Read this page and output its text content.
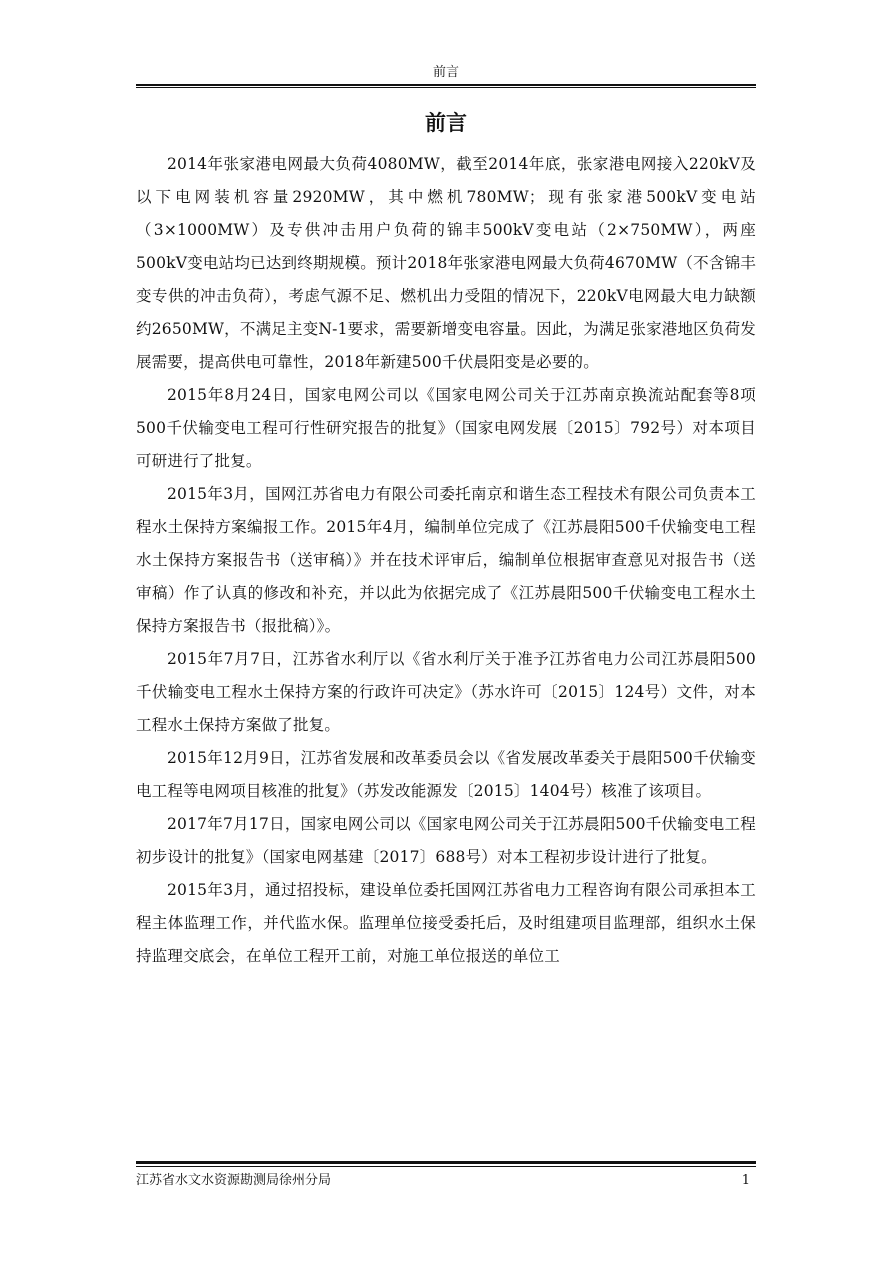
前言
前言

2014年张家港电网最大负荷4080MW，截至2014年底，张家港电网接入220kV及以下电网装机容量2920MW，其中燃机780MW；现有张家港500kV变电站（3×1000MW）及专供冲击用户负荷的锦丰500kV变电站（2×750MW），两座500kV变电站均已达到终期规模。预计2018年张家港电网最大负荷4670MW（不含锦丰变专供的冲击负荷），考虑气源不足、燃机出力受阻的情况下，220kV电网最大电力缺额约2650MW，不满足主变N-1要求，需要新增变电容量。因此，为满足张家港地区负荷发展需要，提高供电可靠性，2018年新建500千伏晨阳变是必要的。

2015年8月24日，国家电网公司以《国家电网公司关于江苏南京换流站配套等8项500千伏输变电工程可行性研究报告的批复》（国家电网发展〔2015〕792号）对本项目可研进行了批复。

2015年3月，国网江苏省电力有限公司委托南京和谐生态工程技术有限公司负责本工程水土保持方案编报工作。2015年4月，编制单位完成了《江苏晨阳500千伏输变电工程水土保持方案报告书（送审稿）》并在技术评审后，编制单位根据审查意见对报告书（送审稿）作了认真的修改和补充，并以此为依据完成了《江苏晨阳500千伏输变电工程水土保持方案报告书（报批稿）》。

2015年7月7日，江苏省水利厅以《省水利厅关于准予江苏省电力公司江苏晨阳500千伏输变电工程水土保持方案的行政许可决定》（苏水许可〔2015〕124号）文件，对本工程水土保持方案做了批复。

2015年12月9日，江苏省发展和改革委员会以《省发展改革委关于晨阳500千伏输变电工程等电网项目核准的批复》（苏发改能源发〔2015〕1404号）核准了该项目。

2017年7月17日，国家电网公司以《国家电网公司关于江苏晨阳500千伏输变电工程初步设计的批复》（国家电网基建〔2017〕688号）对本工程初步设计进行了批复。

2015年3月，通过招投标，建设单位委托国网江苏省电力工程咨询有限公司承担本工程主体监理工作，并代监水保。监理单位接受委托后，及时组建项目监理部，组织水土保持监理交底会，在单位工程开工前，对施工单位报送的单位工

江苏省水文水资源勘测局徐州分局	1
